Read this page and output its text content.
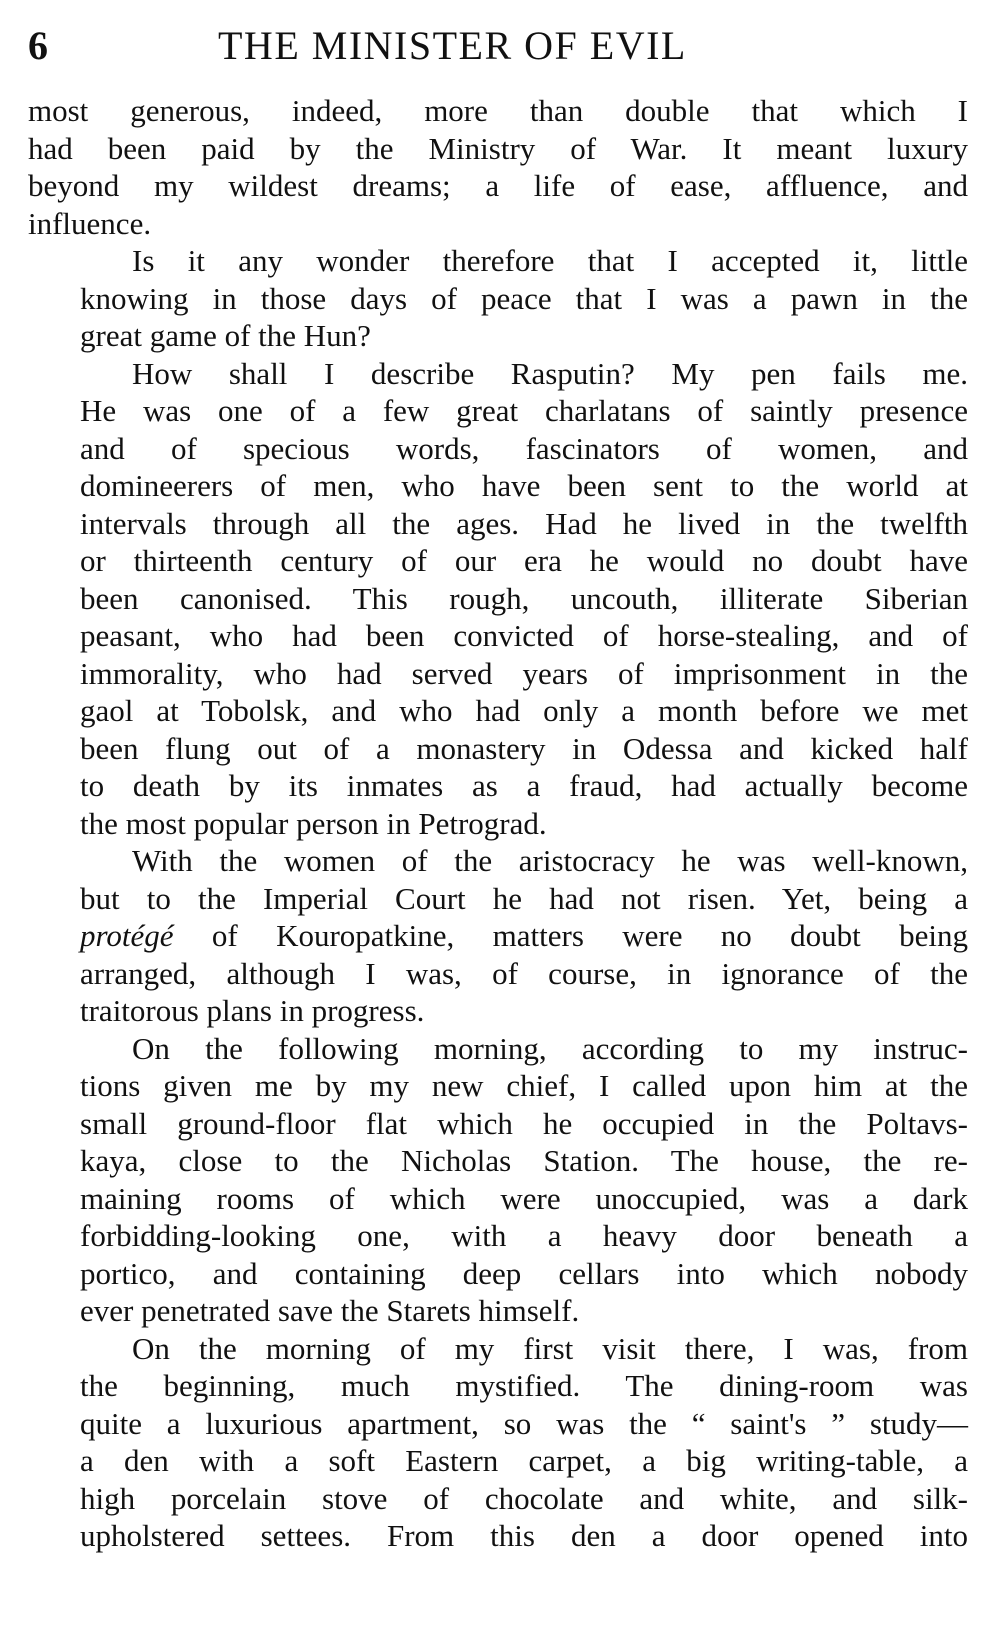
6	THE MINISTER OF EVIL
most generous, indeed, more than double that which I
had been paid by the Ministry of War. It meant luxury
beyond my wildest dreams; a life of ease, affluence, and
influence.
Is it any wonder therefore that I accepted it, little
knowing in those days of peace that I was a pawn in the
great game of the Hun?
How shall I describe Rasputin? My pen fails me.
He was one of a few great charlatans of saintly presence
and of specious words, fascinators of women, and
domineerers of men, who have been sent to the world at
intervals through all the ages. Had he lived in the twelfth
or thirteenth century of our era he would no doubt have
been canonised. This rough, uncouth, illiterate Siberian
peasant, who had been convicted of horse-stealing, and of
immorality, who had served years of imprisonment in the
gaol at Tobolsk, and who had only a month before we met
been flung out of a monastery in Odessa and kicked half
to death by its inmates as a fraud, had actually become
the most popular person in Petrograd.
With the women of the aristocracy he was well-known,
but to the Imperial Court he had not risen. Yet, being a
protégé of Kouropatkine, matters were no doubt being
arranged, although I was, of course, in ignorance of the
traitorous plans in progress.
On the following morning, according to my instruc-
tions given me by my new chief, I called upon him at the
small ground-floor flat which he occupied in the Poltavs-
kaya, close to the Nicholas Station. The house, the re-
maining rooms of which were unoccupied, was a dark
forbidding-looking one, with a heavy door beneath a
portico, and containing deep cellars into which nobody
ever penetrated save the Starets himself.
On the morning of my first visit there, I was, from
the beginning, much mystified. The dining-room was
quite a luxurious apartment, so was the “ saint's ” study—
a den with a soft Eastern carpet, a big writing-table, a
high porcelain stove of chocolate and white, and silk-
upholstered settees. From this den a door opened into
